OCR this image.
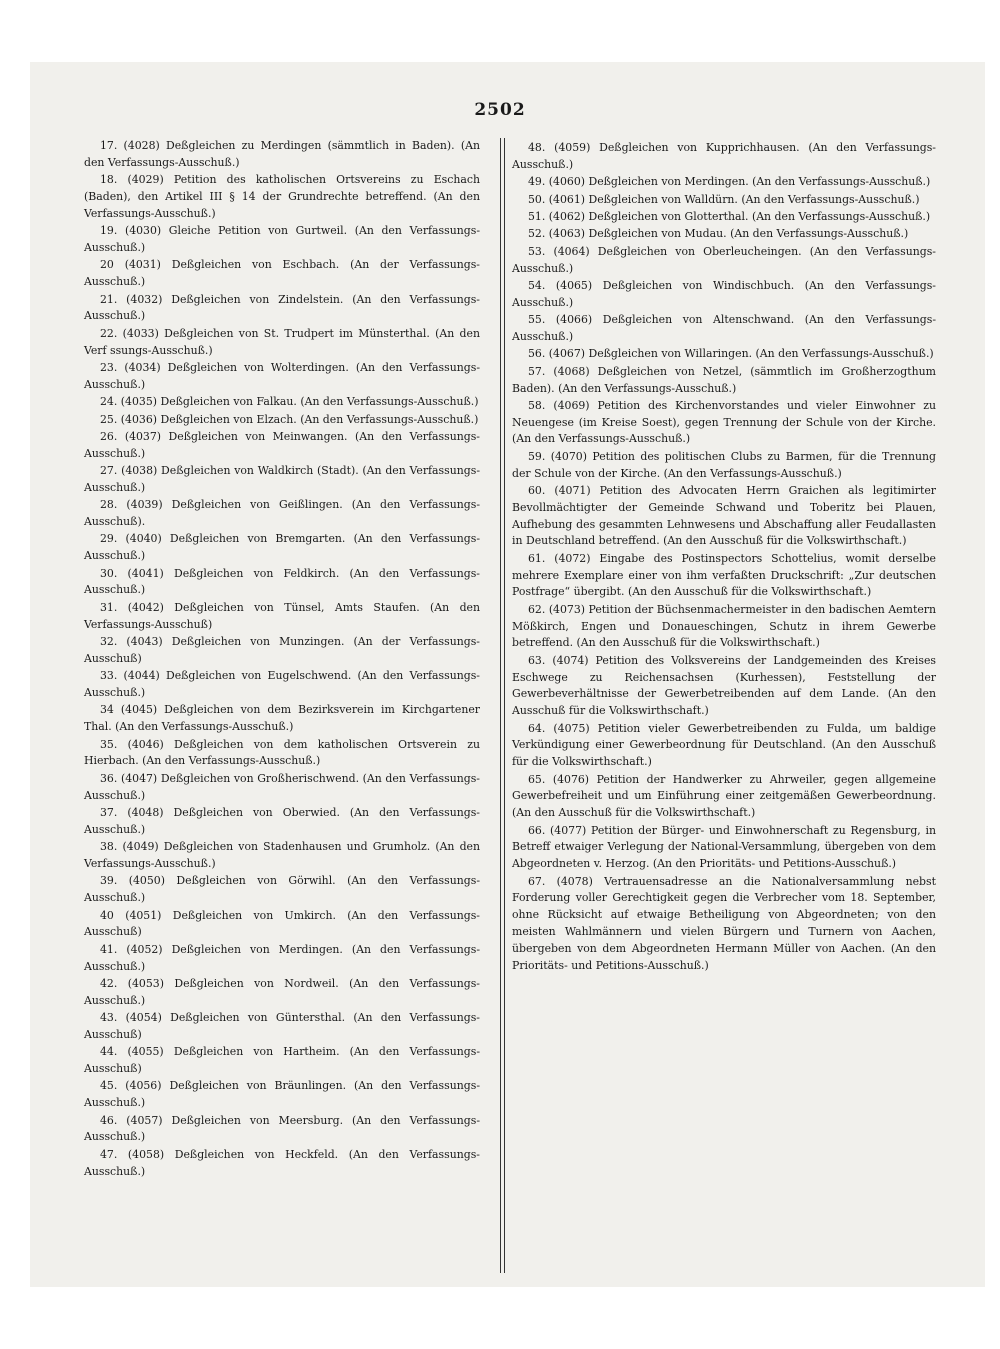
2502

17. (4028) Deßgleichen zu Merdingen (sämmtlich in Baden). (An den Verfassungs-Ausschuß.)

18. (4029) Petition des katholischen Ortsvereins zu Eschach (Baden), den Artikel III § 14 der Grundrechte betreffend. (An den Verfassungs-Ausschuß.)

19. (4030) Gleiche Petition von Gurtweil. (An den Verfassungs-Ausschuß.)

20 (4031) Deßgleichen von Eschbach. (An der Verfassungs-Ausschuß.)

21. (4032) Deßgleichen von Zindelstein. (An den Verfassungs-Ausschuß.)

22. (4033) Deßgleichen von St. Trudpert im Münsterthal. (An den Verf ssungs-Ausschuß.)

23. (4034) Deßgleichen von Wolterdingen. (An den Verfassungs-Ausschuß.)

24. (4035) Deßgleichen von Falkau. (An den Verfassungs-Ausschuß.)

25. (4036) Deßgleichen von Elzach. (An den Verfassungs-Ausschuß.)

26. (4037) Deßgleichen von Meinwangen. (An den Verfassungs-Ausschuß.)

27. (4038) Deßgleichen von Waldkirch (Stadt). (An den Verfassungs-Ausschuß.)

28. (4039) Deßgleichen von Geißlingen. (An den Verfassungs-Ausschuß).

29. (4040) Deßgleichen von Bremgarten. (An den Verfassungs-Ausschuß.)

30. (4041) Deßgleichen von Feldkirch. (An den Verfassungs-Ausschuß.)

31. (4042) Deßgleichen von Tünsel, Amts Staufen. (An den Verfassungs-Ausschuß)

32. (4043) Deßgleichen von Munzingen. (An der Verfassungs-Ausschuß)

33. (4044) Deßgleichen von Eugelschwend. (An den Verfassungs-Ausschuß.)

34 (4045) Deßgleichen von dem Bezirksverein im Kirchgartener Thal. (An den Verfassungs-Ausschuß.)

35. (4046) Deßgleichen von dem katholischen Ortsverein zu Hierbach. (An den Verfassungs-Ausschuß.)

36. (4047) Deßgleichen von Großherischwend. (An den Verfassungs-Ausschuß.)

37. (4048) Deßgleichen von Oberwied. (An den Verfassungs-Ausschuß.)

38. (4049) Deßgleichen von Stadenhausen und Grumholz. (An den Verfassungs-Ausschuß.)

39. (4050) Deßgleichen von Görwihl. (An den Verfassungs-Ausschuß.)

40 (4051) Deßgleichen von Umkirch. (An den Verfassungs-Ausschuß)

41. (4052) Deßgleichen von Merdingen. (An den Verfassungs-Ausschuß.)

42. (4053) Deßgleichen von Nordweil. (An den Verfassungs-Ausschuß.)

43. (4054) Deßgleichen von Güntersthal. (An den Verfassungs-Ausschuß)

44. (4055) Deßgleichen von Hartheim. (An den Verfassungs-Ausschuß)

45. (4056) Deßgleichen von Bräunlingen. (An den Verfassungs-Ausschuß.)

46. (4057) Deßgleichen von Meersburg. (An den Verfassungs-Ausschuß.)

47. (4058) Deßgleichen von Heckfeld. (An den Verfassungs-Ausschuß.)

48. (4059) Deßgleichen von Kupprichhausen. (An den Verfassungs-Ausschuß.)

49. (4060) Deßgleichen von Merdingen. (An den Verfassungs-Ausschuß.)

50. (4061) Deßgleichen von Walldürn. (An den Verfassungs-Ausschuß.)

51. (4062) Deßgleichen von Glotterthal. (An den Verfassungs-Ausschuß.)

52. (4063) Deßgleichen von Mudau. (An den Verfassungs-Ausschuß.)

53. (4064) Deßgleichen von Oberleucheingen. (An den Verfassungs-Ausschuß.)

54. (4065) Deßgleichen von Windischbuch. (An den Verfassungs-Ausschuß.)

55. (4066) Deßgleichen von Altenschwand. (An den Verfassungs-Ausschuß.)

56. (4067) Deßgleichen von Willaringen. (An den Verfassungs-Ausschuß.)

57. (4068) Deßgleichen von Netzel, (sämmtlich im Großherzogthum Baden). (An den Verfassungs-Ausschuß.)

58. (4069) Petition des Kirchenvorstandes und vieler Einwohner zu Neuengese (im Kreise Soest), gegen Trennung der Schule von der Kirche. (An den Verfassungs-Ausschuß.)

59. (4070) Petition des politischen Clubs zu Barmen, für die Trennung der Schule von der Kirche. (An den Verfassungs-Ausschuß.)

60. (4071) Petition des Advocaten Herrn Graichen als legitimirter Bevollmächtigter der Gemeinde Schwand und Toberitz bei Plauen, Aufhebung des gesammten Lehnwesens und Abschaffung aller Feudallasten in Deutschland betreffend. (An den Ausschuß für die Volkswirthschaft.)

61. (4072) Eingabe des Postinspectors Schottelius, womit derselbe mehrere Exemplare einer von ihm verfaßten Druckschrift: „Zur deutschen Postfrage“ übergibt. (An den Ausschuß für die Volkswirthschaft.)

62. (4073) Petition der Büchsenmachermeister in den badischen Aemtern Mößkirch, Engen und Donaueschingen, Schutz in ihrem Gewerbe betreffend. (An den Ausschuß für die Volkswirthschaft.)

63. (4074) Petition des Volksvereins der Landgemeinden des Kreises Eschwege zu Reichensachsen (Kurhessen), Feststellung der Gewerbeverhältnisse der Gewerbetreibenden auf dem Lande. (An den Ausschuß für die Volkswirthschaft.)

64. (4075) Petition vieler Gewerbetreibenden zu Fulda, um baldige Verkündigung einer Gewerbeordnung für Deutschland. (An den Ausschuß für die Volkswirthschaft.)

65. (4076) Petition der Handwerker zu Ahrweiler, gegen allgemeine Gewerbefreiheit und um Einführung einer zeitgemäßen Gewerbeordnung. (An den Ausschuß für die Volkswirthschaft.)

66. (4077) Petition der Bürger- und Einwohnerschaft zu Regensburg, in Betreff etwaiger Verlegung der National-Versammlung, übergeben von dem Abgeordneten v. Herzog. (An den Prioritäts- und Petitions-Ausschuß.)

67. (4078) Vertrauensadresse an die Nationalversammlung nebst Forderung voller Gerechtigkeit gegen die Verbrecher vom 18. September, ohne Rücksicht auf etwaige Betheiligung von Abgeordneten; von den meisten Wahlmännern und vielen Bürgern und Turnern von Aachen, übergeben von dem Abgeordneten Hermann Müller von Aachen. (An den Prioritäts- und Petitions-Ausschuß.)
